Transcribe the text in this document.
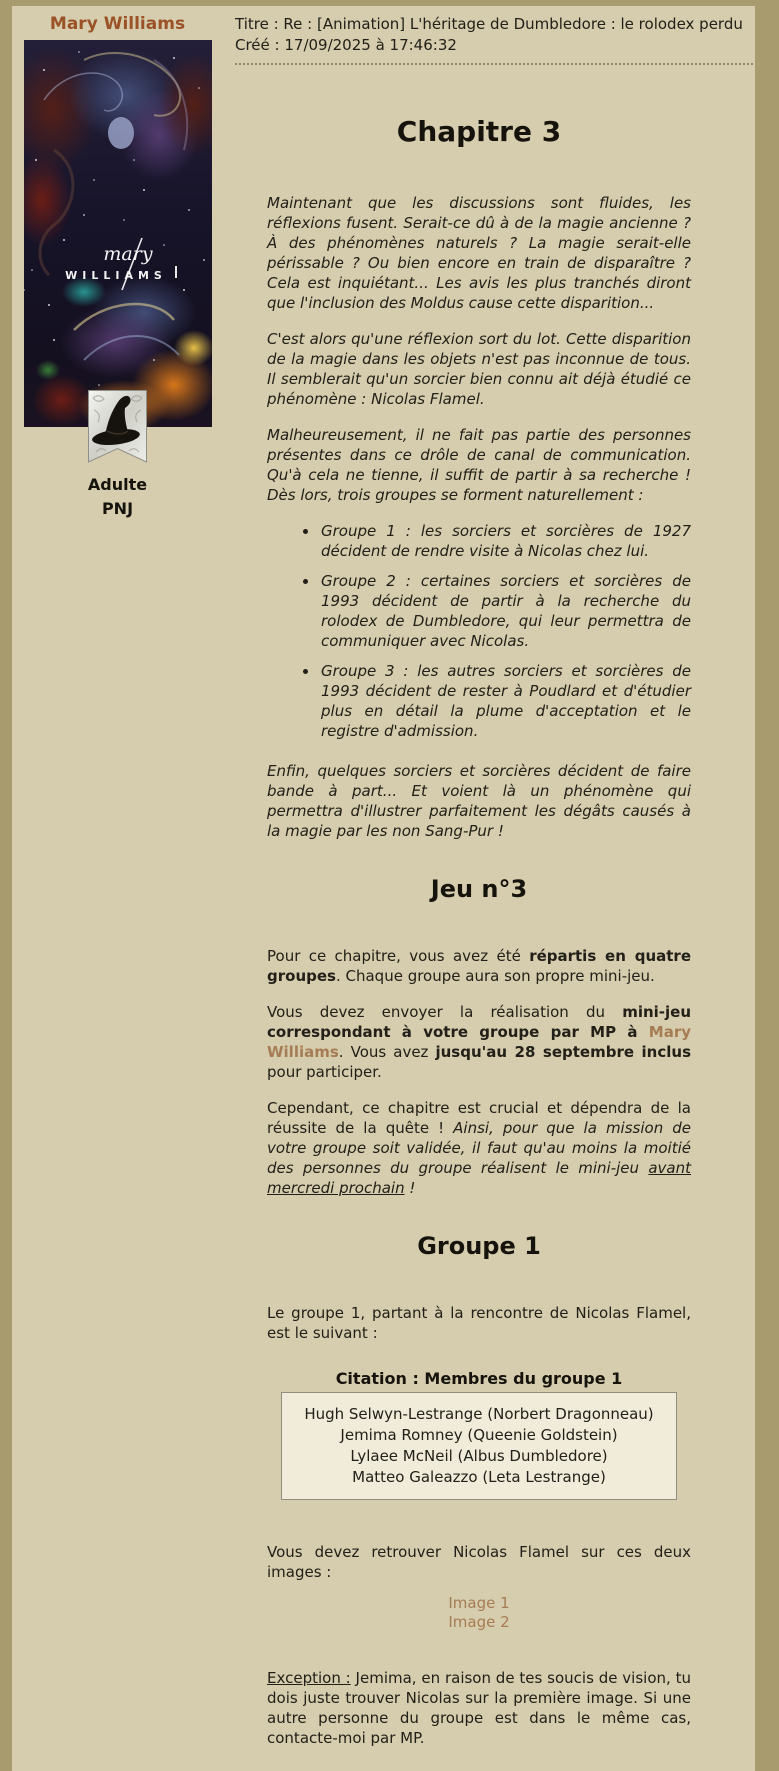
Mary Williams
mary
WILLIAMS
Adulte
PNJ
Titre : Re : [Animation] L'héritage de Dumbledore : le rolodex perdu
Créé : 17/09/2025 à 17:46:32
Chapitre 3
Maintenant que les discussions sont fluides, les réflexions fusent. Serait-ce dû à de la magie ancienne ? À des phénomènes naturels ? La magie serait-elle périssable ? Ou bien encore en train de disparaître ? Cela est inquiétant... Les avis les plus tranchés diront que l'inclusion des Moldus cause cette disparition...
C'est alors qu'une réflexion sort du lot. Cette disparition de la magie dans les objets n'est pas inconnue de tous. Il semblerait qu'un sorcier bien connu ait déjà étudié ce phénomène : Nicolas Flamel.
Malheureusement, il ne fait pas partie des personnes présentes dans ce drôle de canal de communication. Qu'à cela ne tienne, il suffit de partir à sa recherche ! Dès lors, trois groupes se forment naturellement :
• Groupe 1 : les sorciers et sorcières de 1927 décident de rendre visite à Nicolas chez lui.
• Groupe 2 : certaines sorciers et sorcières de 1993 décident de partir à la recherche du rolodex de Dumbledore, qui leur permettra de communiquer avec Nicolas.
• Groupe 3 : les autres sorciers et sorcières de 1993 décident de rester à Poudlard et d'étudier plus en détail la plume d'acceptation et le registre d'admission.
Enfin, quelques sorciers et sorcières décident de faire bande à part... Et voient là un phénomène qui permettra d'illustrer parfaitement les dégâts causés à la magie par les non Sang-Pur !
Jeu n°3
Pour ce chapitre, vous avez été répartis en quatre groupes. Chaque groupe aura son propre mini-jeu.
Vous devez envoyer la réalisation du mini-jeu correspondant à votre groupe par MP à Mary Williams. Vous avez jusqu'au 28 septembre inclus pour participer.
Cependant, ce chapitre est crucial et dépendra de la réussite de la quête ! Ainsi, pour que la mission de votre groupe soit validée, il faut qu'au moins la moitié des personnes du groupe réalisent le mini-jeu avant mercredi prochain !
Groupe 1
Le groupe 1, partant à la rencontre de Nicolas Flamel, est le suivant :
Citation : Membres du groupe 1
Hugh Selwyn-Lestrange (Norbert Dragonneau)
Jemima Romney (Queenie Goldstein)
Lylaee McNeil (Albus Dumbledore)
Matteo Galeazzo (Leta Lestrange)
Vous devez retrouver Nicolas Flamel sur ces deux images :
Image 1
Image 2
Exception : Jemima, en raison de tes soucis de vision, tu dois juste trouver Nicolas sur la première image. Si une autre personne du groupe est dans le même cas, contacte-moi par MP.
